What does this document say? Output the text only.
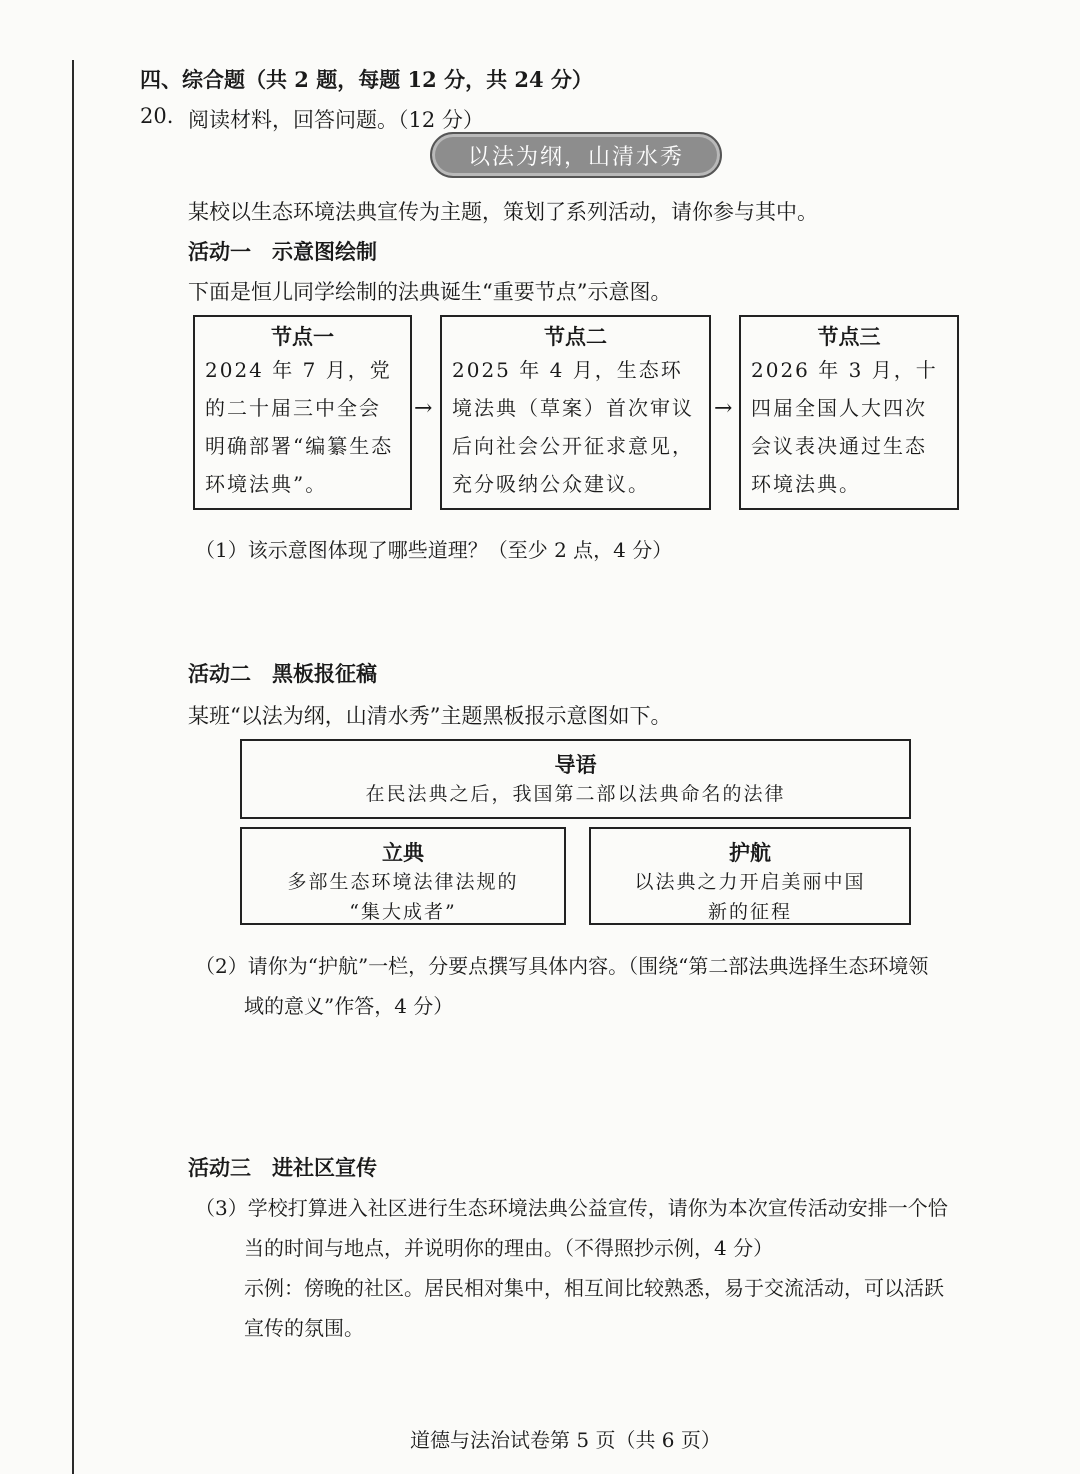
四、综合题（共 2 题，每题 12 分，共 24 分）
20. 阅读材料，回答问题。（12 分）
以法为纲，山清水秀
某校以生态环境法典宣传为主题，策划了系列活动，请你参与其中。
活动一　示意图绘制
下面是恒儿同学绘制的法典诞生“重要节点”示意图。
节点一
2024 年 7 月，党的二十届三中全会明确部署“编纂生态环境法典”。
→
节点二
2025 年 4 月，生态环境法典（草案）首次审议后向社会公开征求意见，充分吸纳公众建议。
→
节点三
2026 年 3 月，十四届全国人大四次会议表决通过生态环境法典。
（1）该示意图体现了哪些道理？（至少 2 点，4 分）
活动二　黑板报征稿
某班“以法为纲，山清水秀”主题黑板报示意图如下。
导语
在民法典之后，我国第二部以法典命名的法律
立典
多部生态环境法律法规的
“集大成者”
护航
以法典之力开启美丽中国
新的征程
（2）请你为“护航”一栏，分要点撰写具体内容。（围绕“第二部法典选择生态环境领
域的意义”作答，4 分）
活动三　进社区宣传
（3）学校打算进入社区进行生态环境法典公益宣传，请你为本次宣传活动安排一个恰
当的时间与地点，并说明你的理由。（不得照抄示例，4 分）
示例：傍晚的社区。居民相对集中，相互间比较熟悉，易于交流活动，可以活跃
宣传的氛围。
道德与法治试卷第 5 页（共 6 页）
